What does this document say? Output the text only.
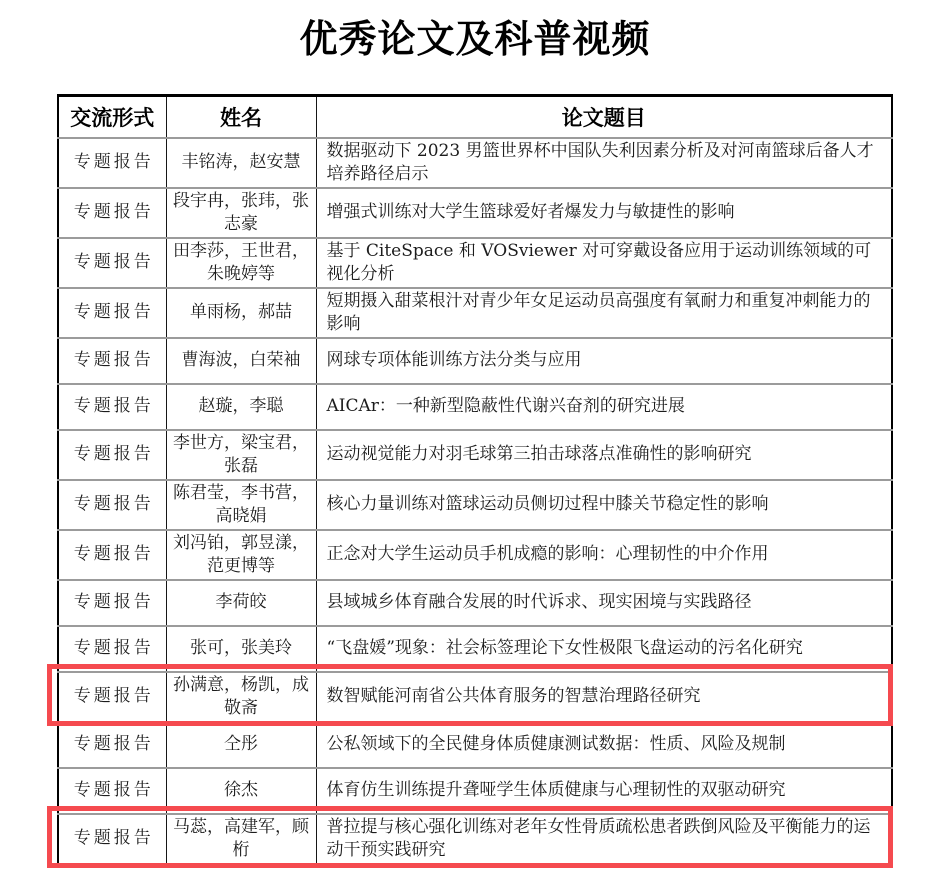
优秀论文及科普视频
交流形式	姓名	论文题目
专题报告	丰铭涛，赵安慧	数据驱动下 2023 男篮世界杯中国队失利因素分析及对河南篮球后备人才培养路径启示
专题报告	段宇冉，张玮，张志豪	增强式训练对大学生篮球爱好者爆发力与敏捷性的影响
专题报告	田李莎，王世君，朱晚婷等	基于 CiteSpace 和 VOSviewer 对可穿戴设备应用于运动训练领域的可视化分析
专题报告	单雨杨，郝喆	短期摄入甜菜根汁对青少年女足运动员高强度有氧耐力和重复冲刺能力的影响
专题报告	曹海波，白荣袖	网球专项体能训练方法分类与应用
专题报告	赵璇，李聪	AICAr：一种新型隐蔽性代谢兴奋剂的研究进展
专题报告	李世方，梁宝君，张磊	运动视觉能力对羽毛球第三拍击球落点准确性的影响研究
专题报告	陈君莹，李书营，高晓娟	核心力量训练对篮球运动员侧切过程中膝关节稳定性的影响
专题报告	刘冯铂，郭昱漾，范更博等	正念对大学生运动员手机成瘾的影响：心理韧性的中介作用
专题报告	李荷皎	县域城乡体育融合发展的时代诉求、现实困境与实践路径
专题报告	张可，张美玲	“飞盘媛”现象：社会标签理论下女性极限飞盘运动的污名化研究
专题报告	孙满意，杨凯，成敬斋	数智赋能河南省公共体育服务的智慧治理路径研究
专题报告	仝彤	公私领域下的全民健身体质健康测试数据：性质、风险及规制
专题报告	徐杰	体育仿生训练提升聋哑学生体质健康与心理韧性的双驱动研究
专题报告	马蕊，高建军，顾桁	普拉提与核心强化训练对老年女性骨质疏松患者跌倒风险及平衡能力的运动干预实践研究
